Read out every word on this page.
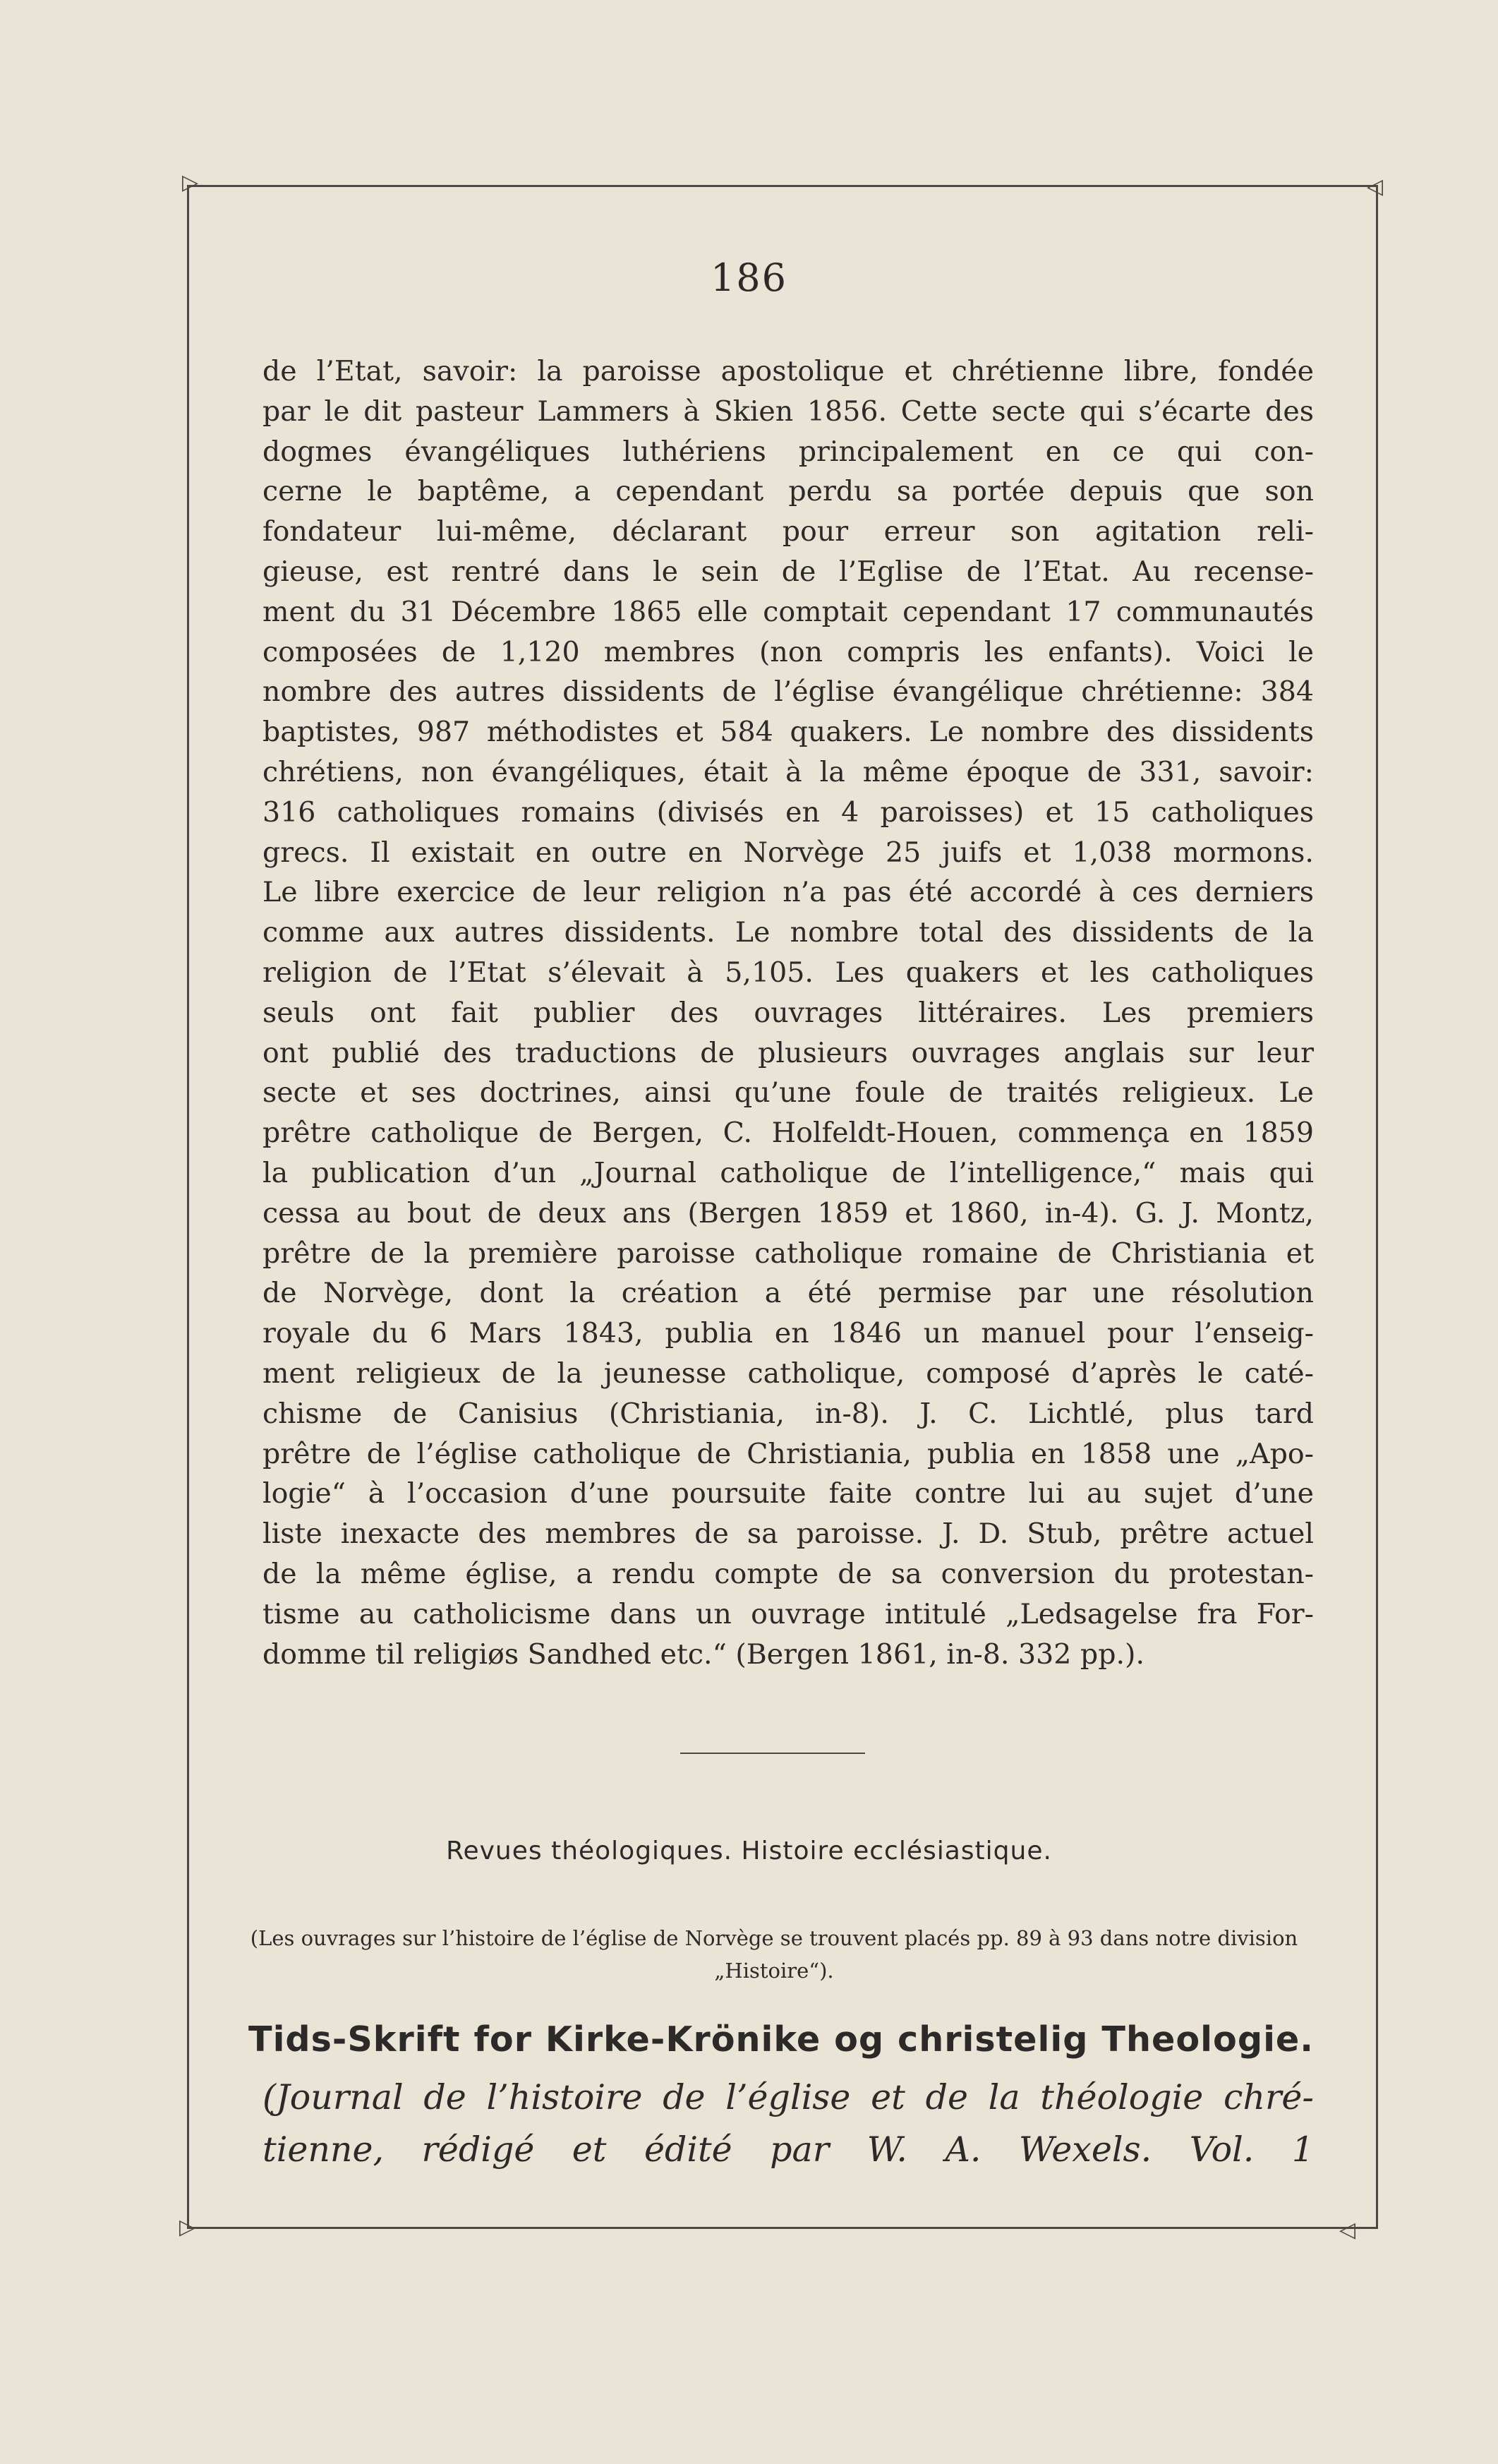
▷	◁
▷	◁
186
de l’Etat, savoir: la paroisse apostolique et chrétienne libre, fondée
par le dit pasteur Lammers à Skien 1856. Cette secte qui s’écarte des
dogmes évangéliques luthériens principalement en ce qui con-
cerne le baptême, a cependant perdu sa portée depuis que son
fondateur lui-même, déclarant pour erreur son agitation reli-
gieuse, est rentré dans le sein de l’Eglise de l’Etat. Au recense-
ment du 31 Décembre 1865 elle comptait cependant 17 communautés
composées de 1,120 membres (non compris les enfants). Voici le
nombre des autres dissidents de l’église évangélique chrétienne: 384
baptistes, 987 méthodistes et 584 quakers. Le nombre des dissidents
chrétiens, non évangéliques, était à la même époque de 331, savoir:
316 catholiques romains (divisés en 4 paroisses) et 15 catholiques
grecs. Il existait en outre en Norvège 25 juifs et 1,038 mormons.
Le libre exercice de leur religion n’a pas été accordé à ces derniers
comme aux autres dissidents. Le nombre total des dissidents de la
religion de l’Etat s’élevait à 5,105. Les quakers et les catholiques
seuls ont fait publier des ouvrages littéraires. Les premiers
ont publié des traductions de plusieurs ouvrages anglais sur leur
secte et ses doctrines, ainsi qu’une foule de traités religieux. Le
prêtre catholique de Bergen, C. Holfeldt-Houen, commença en 1859
la publication d’un „Journal catholique de l’intelligence,“ mais qui
cessa au bout de deux ans (Bergen 1859 et 1860, in-4). G. J. Montz,
prêtre de la première paroisse catholique romaine de Christiania et
de Norvège, dont la création a été permise par une résolution
royale du 6 Mars 1843, publia en 1846 un manuel pour l’enseig-
ment religieux de la jeunesse catholique, composé d’après le caté-
chisme de Canisius (Christiania, in-8). J. C. Lichtlé, plus tard
prêtre de l’église catholique de Christiania, publia en 1858 une „Apo-
logie“ à l’occasion d’une poursuite faite contre lui au sujet d’une
liste inexacte des membres de sa paroisse. J. D. Stub, prêtre actuel
de la même église, a rendu compte de sa conversion du protestan-
tisme au catholicisme dans un ouvrage intitulé „Ledsagelse fra For-
domme til religiøs Sandhed etc.“ (Bergen 1861, in-8. 332 pp.).
Revues théologiques. Histoire ecclésiastique.
(Les ouvrages sur l’histoire de l’église de Norvège se trouvent placés pp. 89 à 93 dans notre division „Histoire“).
Tids-Skrift for Kirke-Krönike og christelig Theologie.
(Journal de l’histoire de l’église et de la théologie chré-
tienne, rédigé et édité par W. A. Wexels. Vol. 1
